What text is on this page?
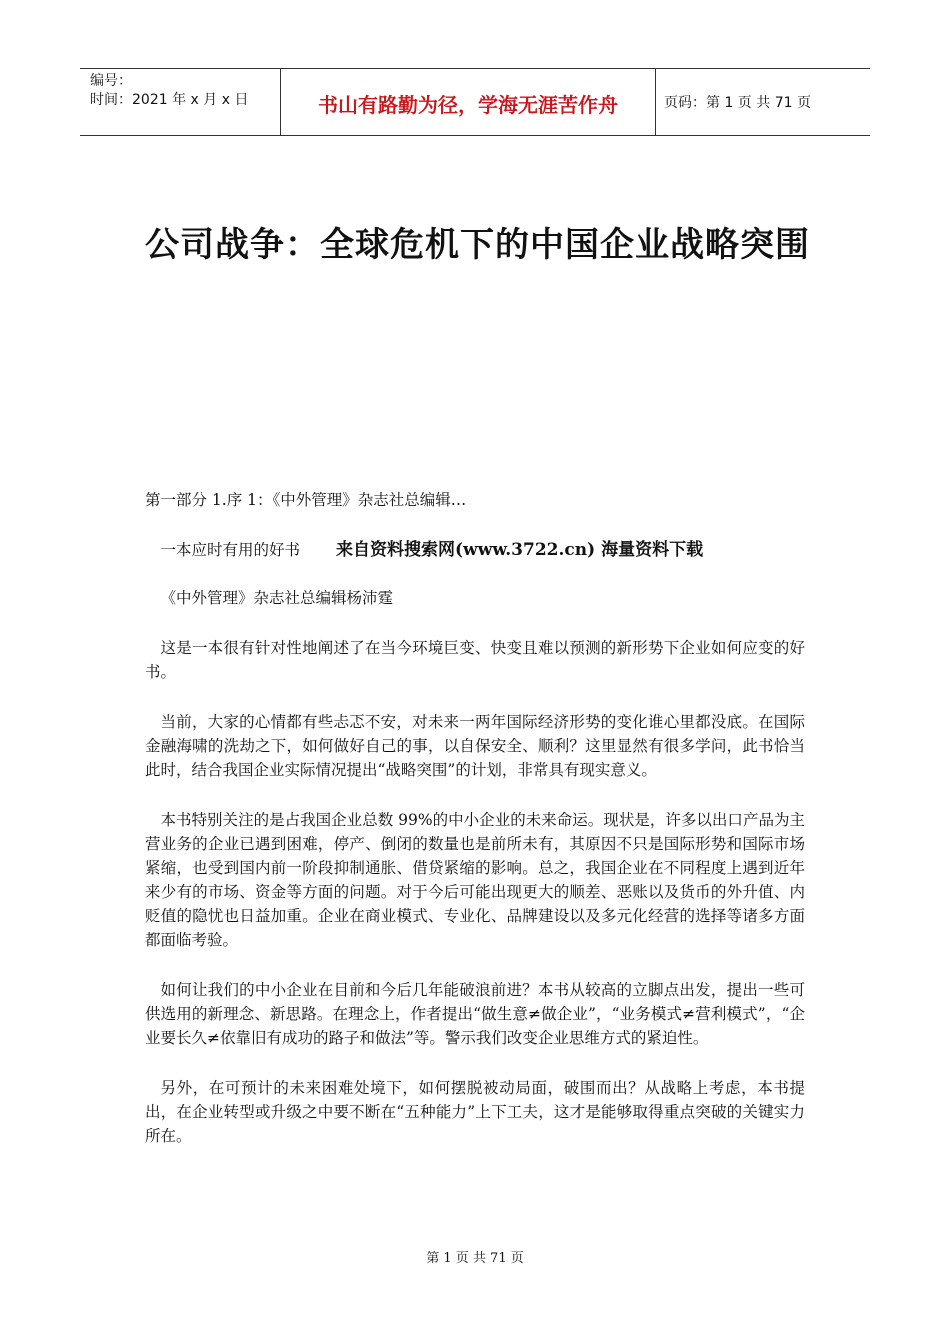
编号：
时间：2021 年 x 月 x 日	书山有路勤为径，学海无涯苦作舟	页码：第 1 页 共 71 页
公司战争：全球危机下的中国企业战略突围

第一部分 1.序 1：《中外管理》杂志社总编辑…

一本应时有用的好书 来自资料搜索网(www.3722.cn) 海量资料下载

《中外管理》杂志社总编辑杨沛霆

这是一本很有针对性地阐述了在当今环境巨变、快变且难以预测的新形势下企业如何应变的好书。

当前，大家的心情都有些忐忑不安，对未来一两年国际经济形势的变化谁心里都没底。在国际金融海啸的洗劫之下，如何做好自己的事，以自保安全、顺利？这里显然有很多学问，此书恰当此时，结合我国企业实际情况提出“战略突围”的计划，非常具有现实意义。

本书特别关注的是占我国企业总数 99%的中小企业的未来命运。现状是，许多以出口产品为主营业务的企业已遇到困难，停产、倒闭的数量也是前所未有，其原因不只是国际形势和国际市场紧缩，也受到国内前一阶段抑制通胀、借贷紧缩的影响。总之，我国企业在不同程度上遇到近年来少有的市场、资金等方面的问题。对于今后可能出现更大的顺差、恶账以及货币的外升值、内贬值的隐忧也日益加重。企业在商业模式、专业化、品牌建设以及多元化经营的选择等诸多方面都面临考验。

如何让我们的中小企业在目前和今后几年能破浪前进？本书从较高的立脚点出发，提出一些可供选用的新理念、新思路。在理念上，作者提出“做生意≠做企业”，“业务模式≠营利模式”，“企业要长久≠依靠旧有成功的路子和做法”等。警示我们改变企业思维方式的紧迫性。

另外，在可预计的未来困难处境下，如何摆脱被动局面，破围而出？从战略上考虑，本书提出，在企业转型或升级之中要不断在“五种能力”上下工夫，这才是能够取得重点突破的关键实力所在。

第 1 页 共 71 页
